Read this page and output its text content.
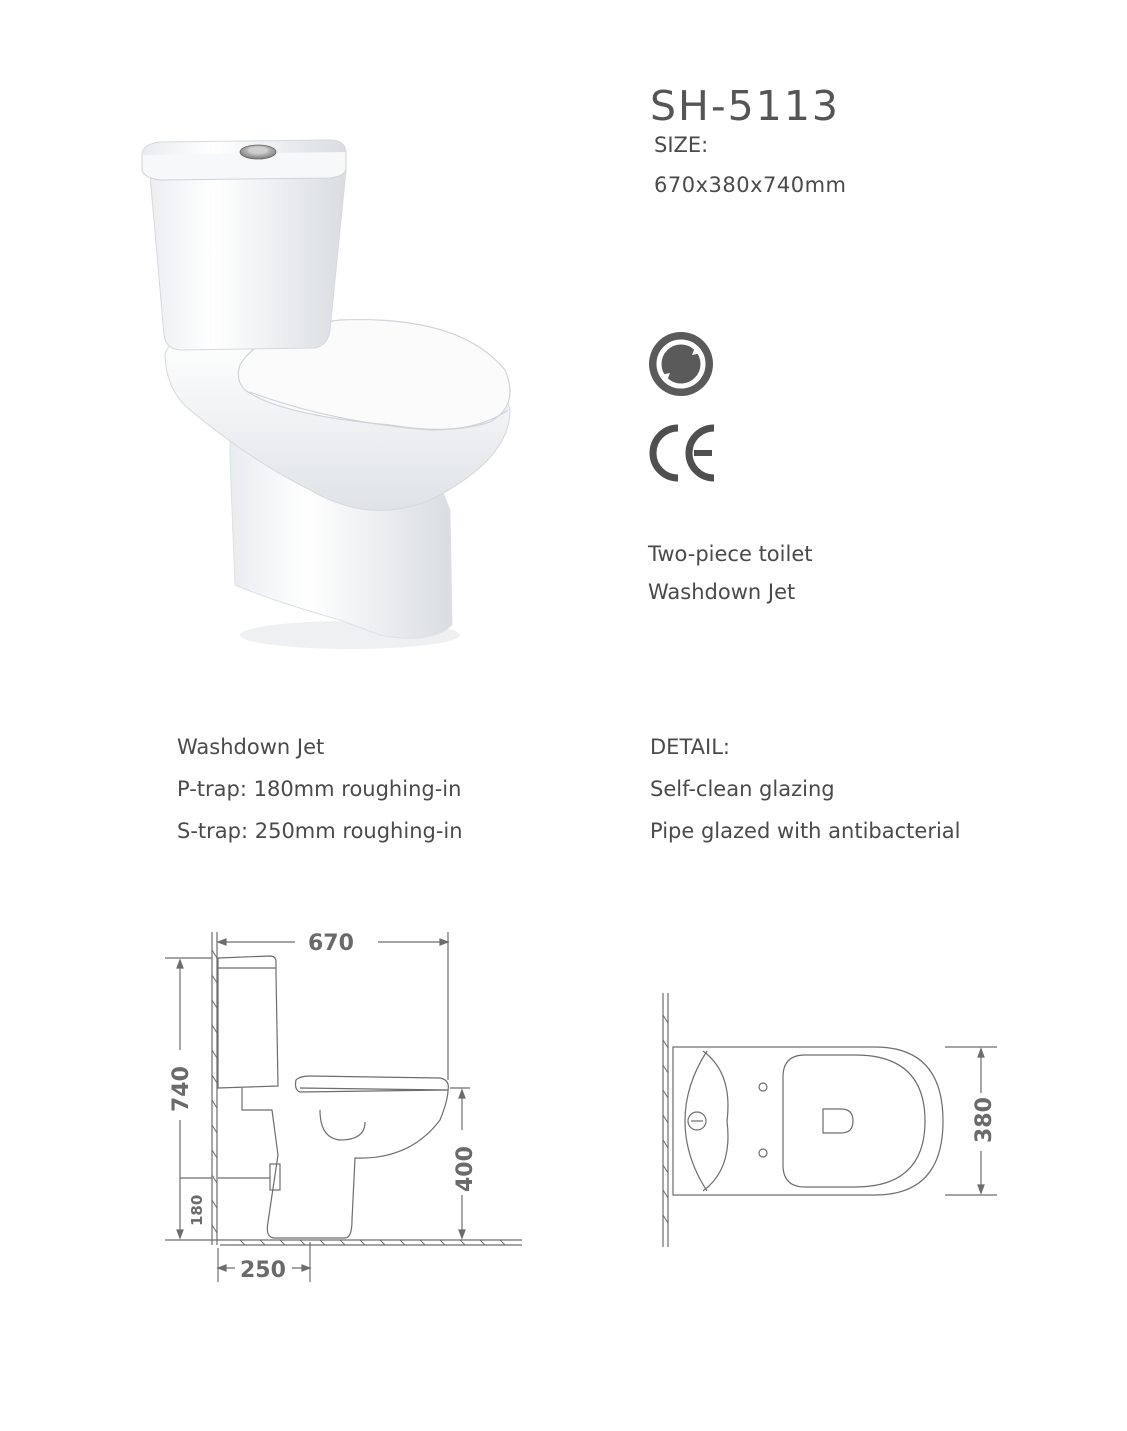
SH-5113
SIZE:
670x380x740mm
Two-piece toilet
Washdown Jet
Washdown Jet
P-trap: 180mm roughing-in
S-trap: 250mm roughing-in
DETAIL:
Self-clean glazing
Pipe glazed with antibacterial
670
740
180
400
250
380
